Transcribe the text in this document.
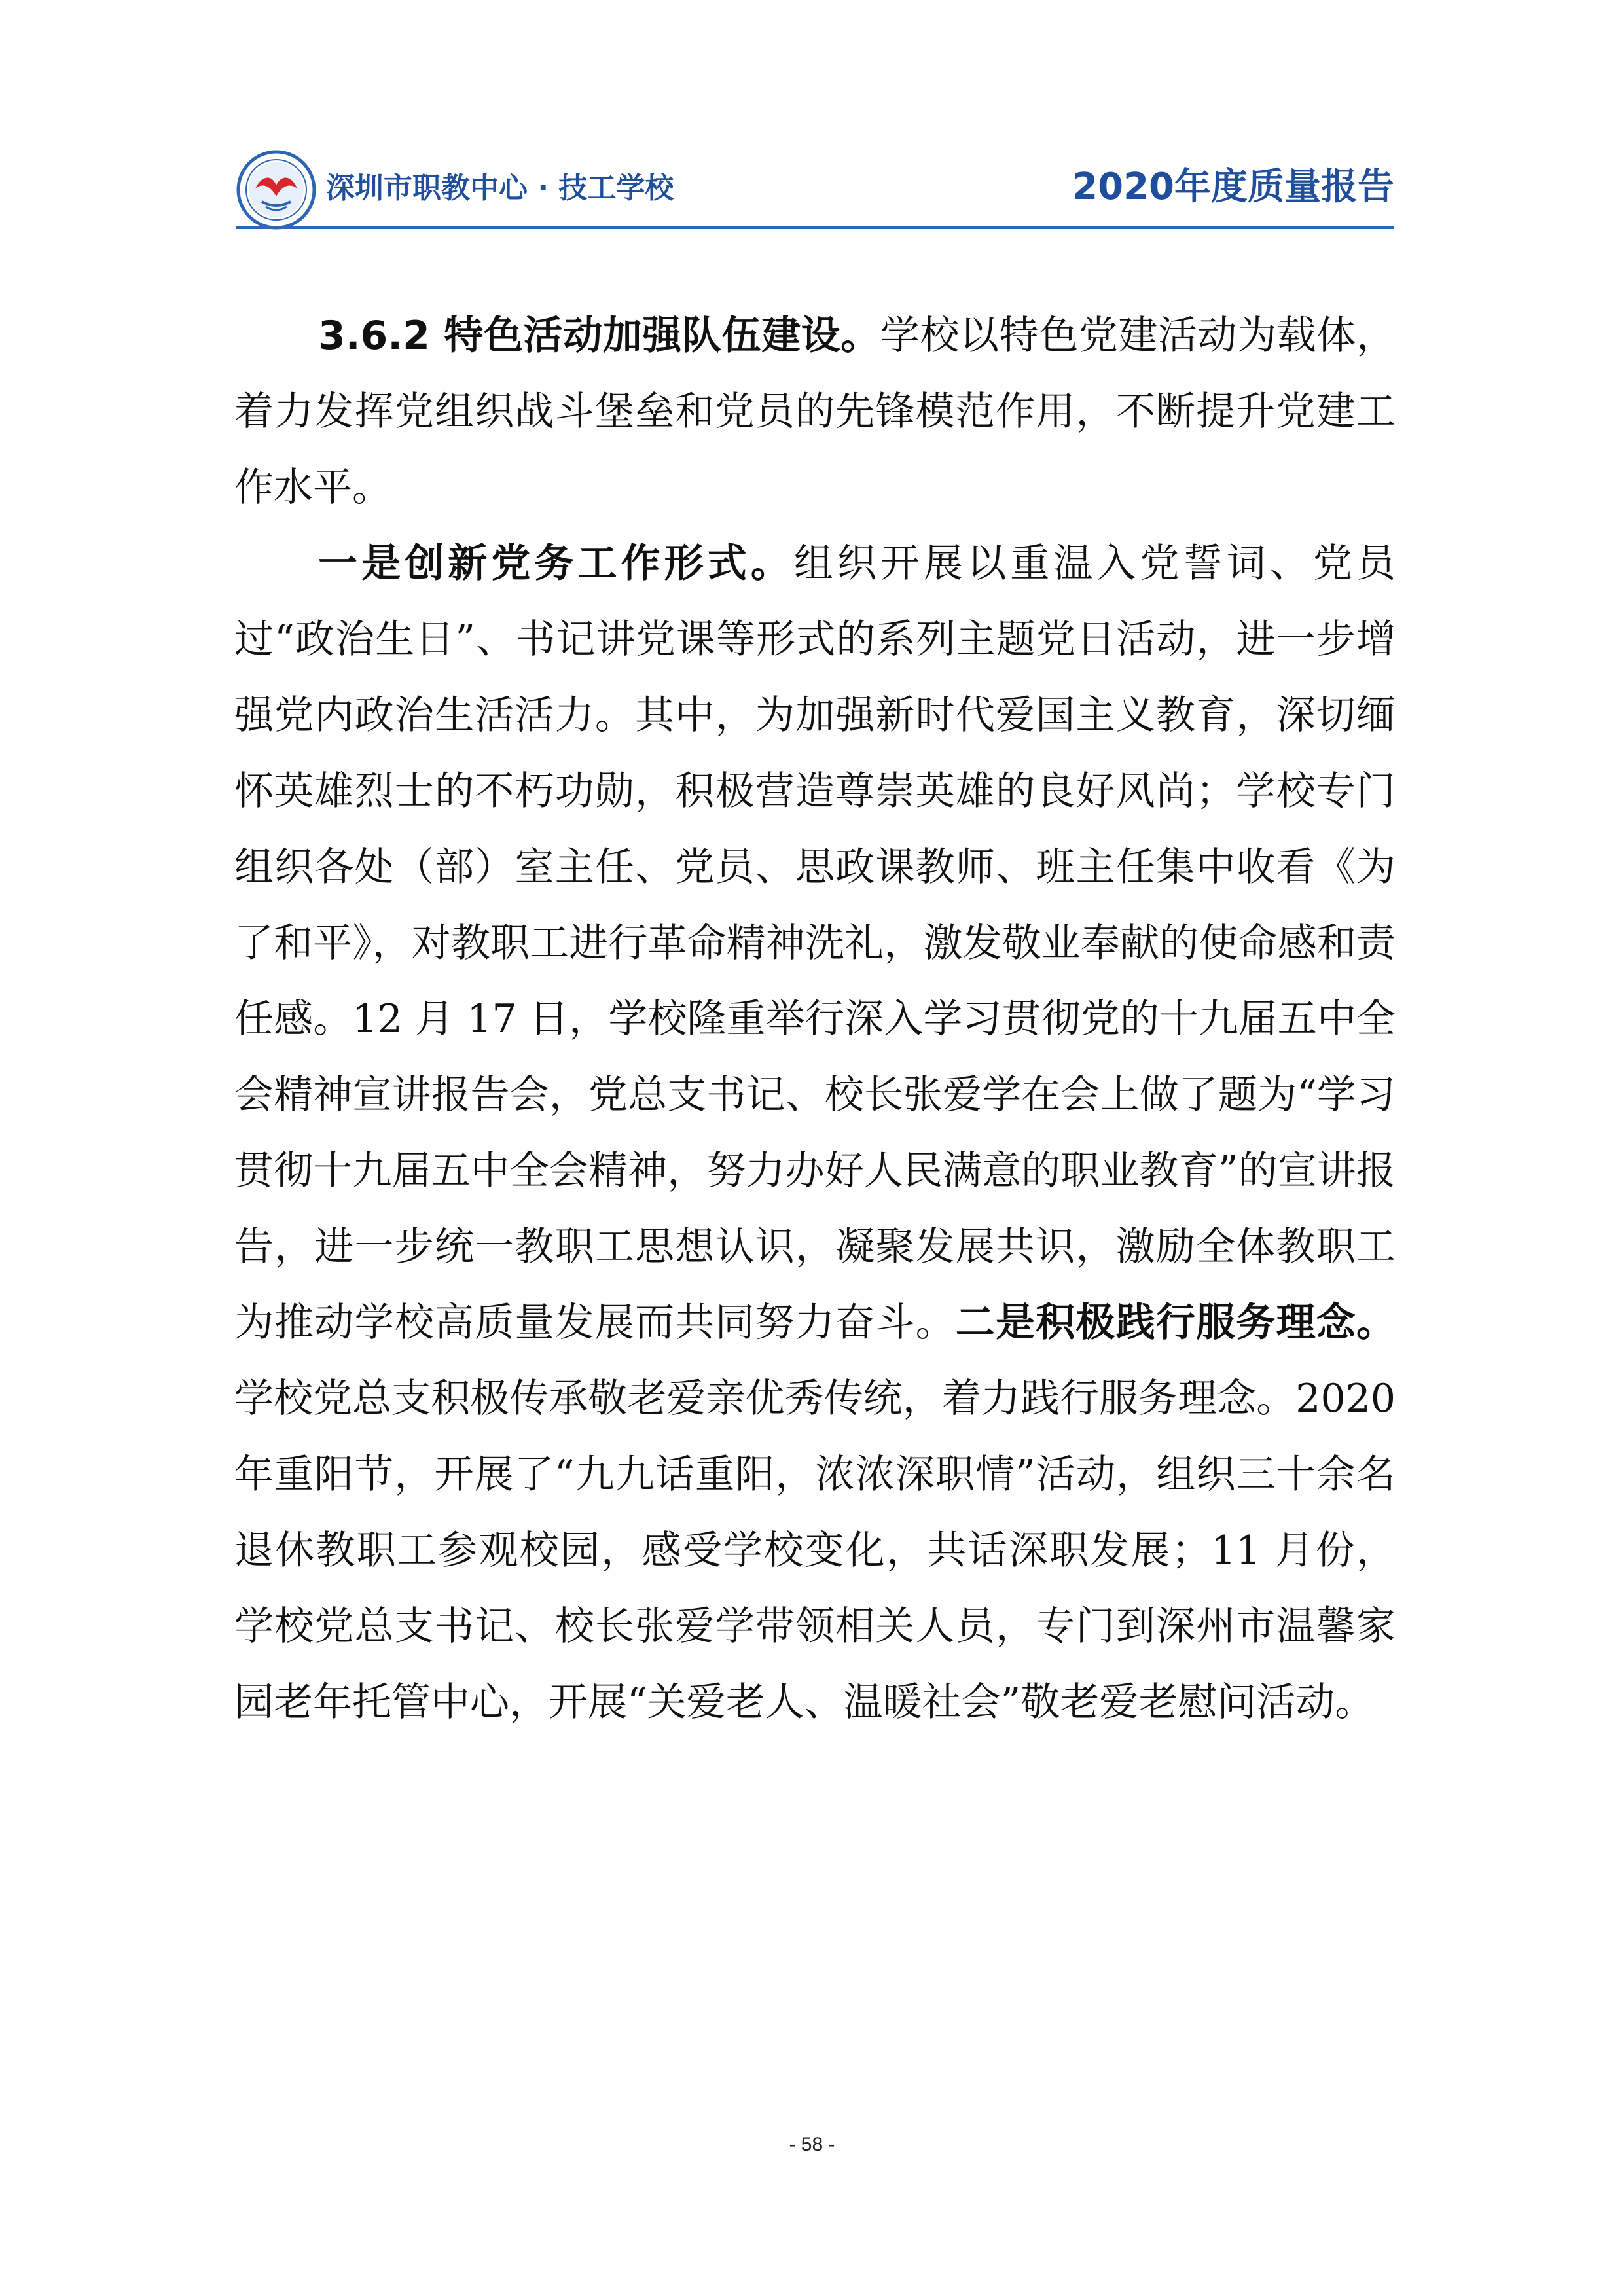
深圳市职教中心 · 技工学校	2020年度质量报告

3.6.2 特色活动加强队伍建设。学校以特色党建活动为载体，着力发挥党组织战斗堡垒和党员的先锋模范作用，不断提升党建工作水平。

一是创新党务工作形式。组织开展以重温入党誓词、党员过“政治生日”、书记讲党课等形式的系列主题党日活动，进一步增强党内政治生活活力。其中，为加强新时代爱国主义教育，深切缅怀英雄烈士的不朽功勋，积极营造尊崇英雄的良好风尚；学校专门组织各处（部）室主任、党员、思政课教师、班主任集中收看《为了和平》，对教职工进行革命精神洗礼，激发敬业奉献的使命感和责任感。12 月 17 日，学校隆重举行深入学习贯彻党的十九届五中全会精神宣讲报告会，党总支书记、校长张爱学在会上做了题为“学习贯彻十九届五中全会精神，努力办好人民满意的职业教育”的宣讲报告，进一步统一教职工思想认识，凝聚发展共识，激励全体教职工为推动学校高质量发展而共同努力奋斗。二是积极践行服务理念。学校党总支积极传承敬老爱亲优秀传统，着力践行服务理念。2020年重阳节，开展了“九九话重阳，浓浓深职情”活动，组织三十余名退休教职工参观校园，感受学校变化，共话深职发展；11 月份，学校党总支书记、校长张爱学带领相关人员，专门到深州市温馨家园老年托管中心，开展“关爱老人、温暖社会”敬老爱老慰问活动。

- 58 -
